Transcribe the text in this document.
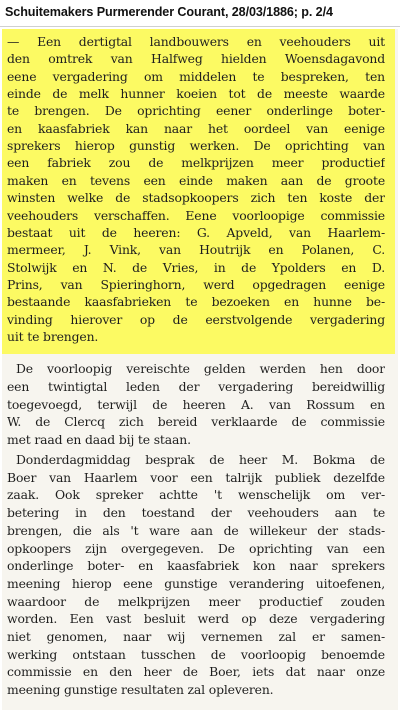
Schuitemakers Purmerender Courant, 28/03/1886; p. 2/4
— Een dertigtal landbouwers en veehouders uit
den omtrek van Halfweg hielden Woensdagavond
eene vergadering om middelen te bespreken, ten
einde de melk hunner koeien tot de meeste waarde
te brengen. De oprichting eener onderlinge boter-
en kaasfabriek kan naar het oordeel van eenige
sprekers hierop gunstig werken. De oprichting van
een fabriek zou de melkprijzen meer productief
maken en tevens een einde maken aan de groote
winsten welke de stadsopkoopers zich ten koste der
veehouders verschaffen. Eene voorloopige commissie
bestaat uit de heeren: G. Apveld, van Haarlem-
mermeer, J. Vink, van Houtrijk en Polanen, C.
Stolwijk en N. de Vries, in de Ypolders en D.
Prins, van Spieringhorn, werd opgedragen eenige
bestaande kaasfabrieken te bezoeken en hunne be-
vinding hierover op de eerstvolgende vergadering
uit te brengen.
De voorloopig vereischte gelden werden hen door
een twintigtal leden der vergadering bereidwillig
toegevoegd, terwijl de heeren A. van Rossum en
W. de Clercq zich bereid verklaarde de commissie
met raad en daad bij te staan.
Donderdagmiddag besprak de heer M. Bokma de
Boer van Haarlem voor een talrijk publiek dezelfde
zaak. Ook spreker achtte 't wenschelijk om ver-
betering in den toestand der veehouders aan te
brengen, die als 't ware aan de willekeur der stads-
opkoopers zijn overgegeven. De oprichting van een
onderlinge boter- en kaasfabriek kon naar sprekers
meening hierop eene gunstige verandering uitoefenen,
waardoor de melkprijzen meer productief zouden
worden. Een vast besluit werd op deze vergadering
niet genomen, naar wij vernemen zal er samen-
werking ontstaan tusschen de voorloopig benoemde
commissie en den heer de Boer, iets dat naar onze
meening gunstige resultaten zal opleveren.
